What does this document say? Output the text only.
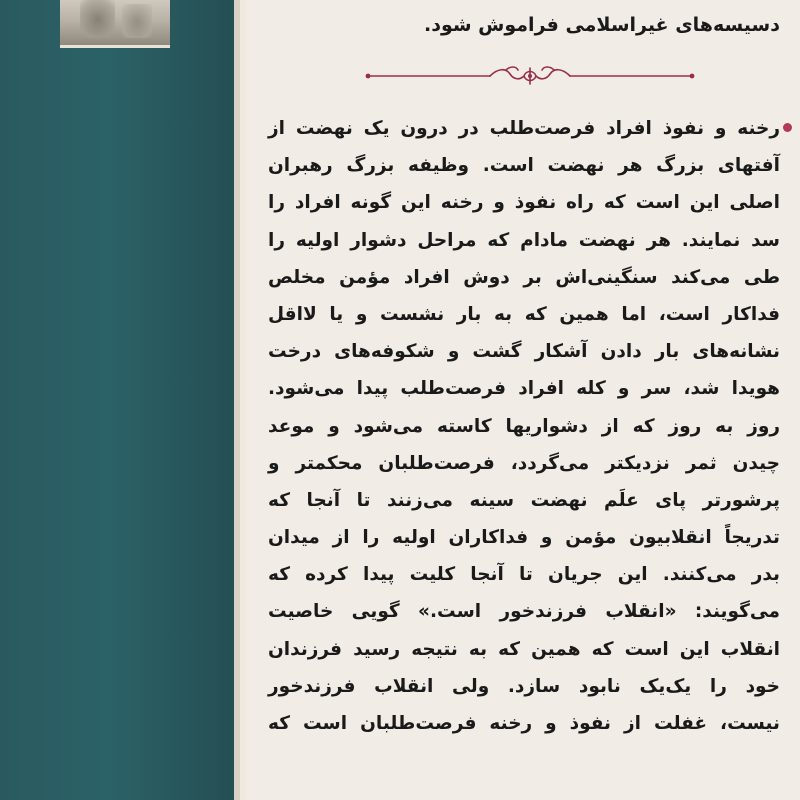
دسیسه‌های غیراسلامی فراموش شود.
رخنه و نفوذ افراد فرصت‌طلب در درون یک نهضت از
آفتهای بزرگ هر نهضت است. وظیفه بزرگ رهبران
اصلی این است که راه نفوذ و رخنه این گونه افراد را
سد نمایند. هر نهضت مادام که مراحل دشوار اولیه را
طی می‌کند سنگینی‌اش بر دوش افراد مؤمن مخلص
فداکار است، اما همین که به بار نشست و یا لااقل
نشانه‌های بار دادن آشکار گشت و شکوفه‌های درخت
هویدا شد، سر و کله افراد فرصت‌طلب پیدا می‌شود.
روز به روز که از دشواریها کاسته می‌شود و موعد
چیدن ثمر نزدیکتر می‌گردد، فرصت‌طلبان محکمتر و
پرشورتر پای علَم نهضت سینه می‌زنند تا آنجا که
تدریجاً انقلابیون مؤمن و فداکاران اولیه را از میدان
بدر می‌کنند. این جریان تا آنجا کلیت پیدا کرده که
می‌گویند: «انقلاب فرزندخور است.» گویی خاصیت
انقلاب این است که همین که به نتیجه رسید فرزندان
خود را یک‌یک نابود سازد. ولی انقلاب فرزندخور
نیست، غفلت از نفوذ و رخنه فرصت‌طلبان است که
